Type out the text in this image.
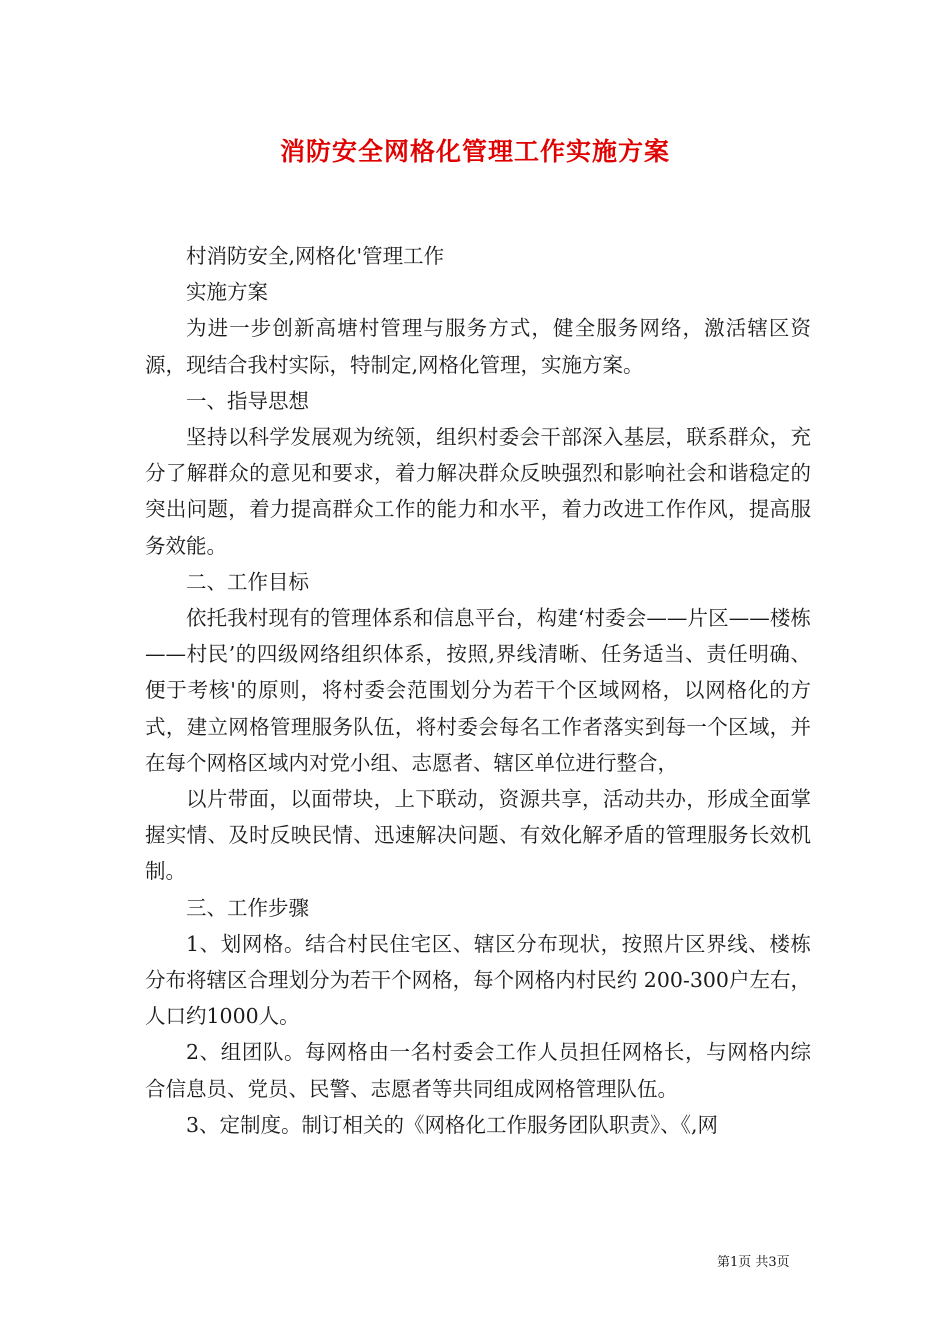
消防安全网格化管理工作实施方案

村消防安全,网格化'管理工作

实施方案

为进一步创新高塘村管理与服务方式，健全服务网络，激活辖区资源，现结合我村实际，特制定,网格化管理，实施方案。

一、指导思想

坚持以科学发展观为统领，组织村委会干部深入基层，联系群众，充分了解群众的意见和要求，着力解决群众反映强烈和影响社会和谐稳定的突出问题，着力提高群众工作的能力和水平，着力改进工作作风，提高服务效能。

二、工作目标

依托我村现有的管理体系和信息平台，构建‘村委会——片区——楼栋——村民’的四级网络组织体系，按照,界线清晰、任务适当、责任明确、便于考核'的原则，将村委会范围划分为若干个区域网格，以网格化的方式，建立网格管理服务队伍，将村委会每名工作者落实到每一个区域，并在每个网格区域内对党小组、志愿者、辖区单位进行整合，

以片带面，以面带块，上下联动，资源共享，活动共办，形成全面掌握实情、及时反映民情、迅速解决问题、有效化解矛盾的管理服务长效机制。

三、工作步骤

1、划网格。结合村民住宅区、辖区分布现状，按照片区界线、楼栋分布将辖区合理划分为若干个网格，每个网格内村民约 200-300户左右，人口约1000人。

2、组团队。每网格由一名村委会工作人员担任网格长，与网格内综合信息员、党员、民警、志愿者等共同组成网格管理队伍。

3、定制度。制订相关的《网格化工作服务团队职责》、《,网

第1页 共3页
